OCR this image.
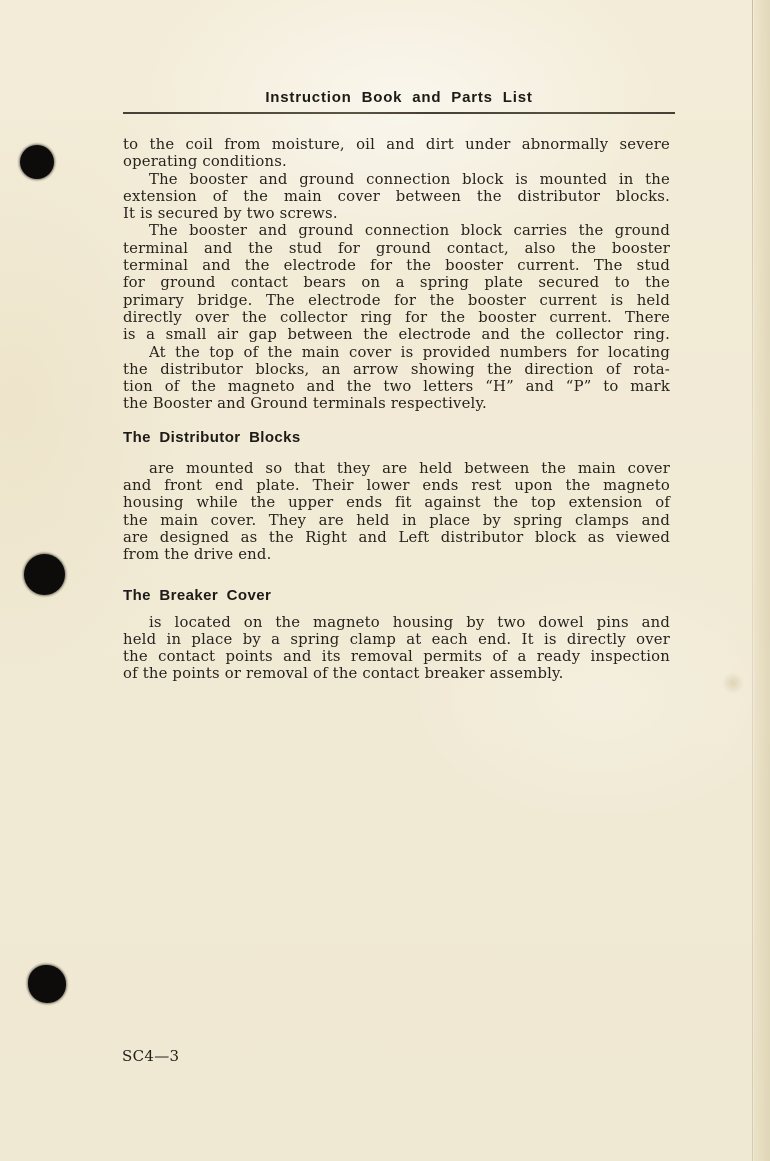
Instruction Book and Parts List

to the coil from moisture, oil and dirt under abnormally severe
operating conditions.

The booster and ground connection block is mounted in the
extension of the main cover between the distributor blocks.
It is secured by two screws.

The booster and ground connection block carries the ground
terminal and the stud for ground contact, also the booster
terminal and the electrode for the booster current. The stud
for ground contact bears on a spring plate secured to the
primary bridge. The electrode for the booster current is held
directly over the collector ring for the booster current. There
is a small air gap between the electrode and the collector ring.

At the top of the main cover is provided numbers for locating
the distributor blocks, an arrow showing the direction of rota-
tion of the magneto and the two letters “H” and “P” to mark
the Booster and Ground terminals respectively.

The Distributor Blocks

are mounted so that they are held between the main cover
and front end plate. Their lower ends rest upon the magneto
housing while the upper ends fit against the top extension of
the main cover. They are held in place by spring clamps and
are designed as the Right and Left distributor block as viewed
from the drive end.

The Breaker Cover

is located on the magneto housing by two dowel pins and
held in place by a spring clamp at each end. It is directly over
the contact points and its removal permits of a ready inspection
of the points or removal of the contact breaker assembly.

SC4—3
